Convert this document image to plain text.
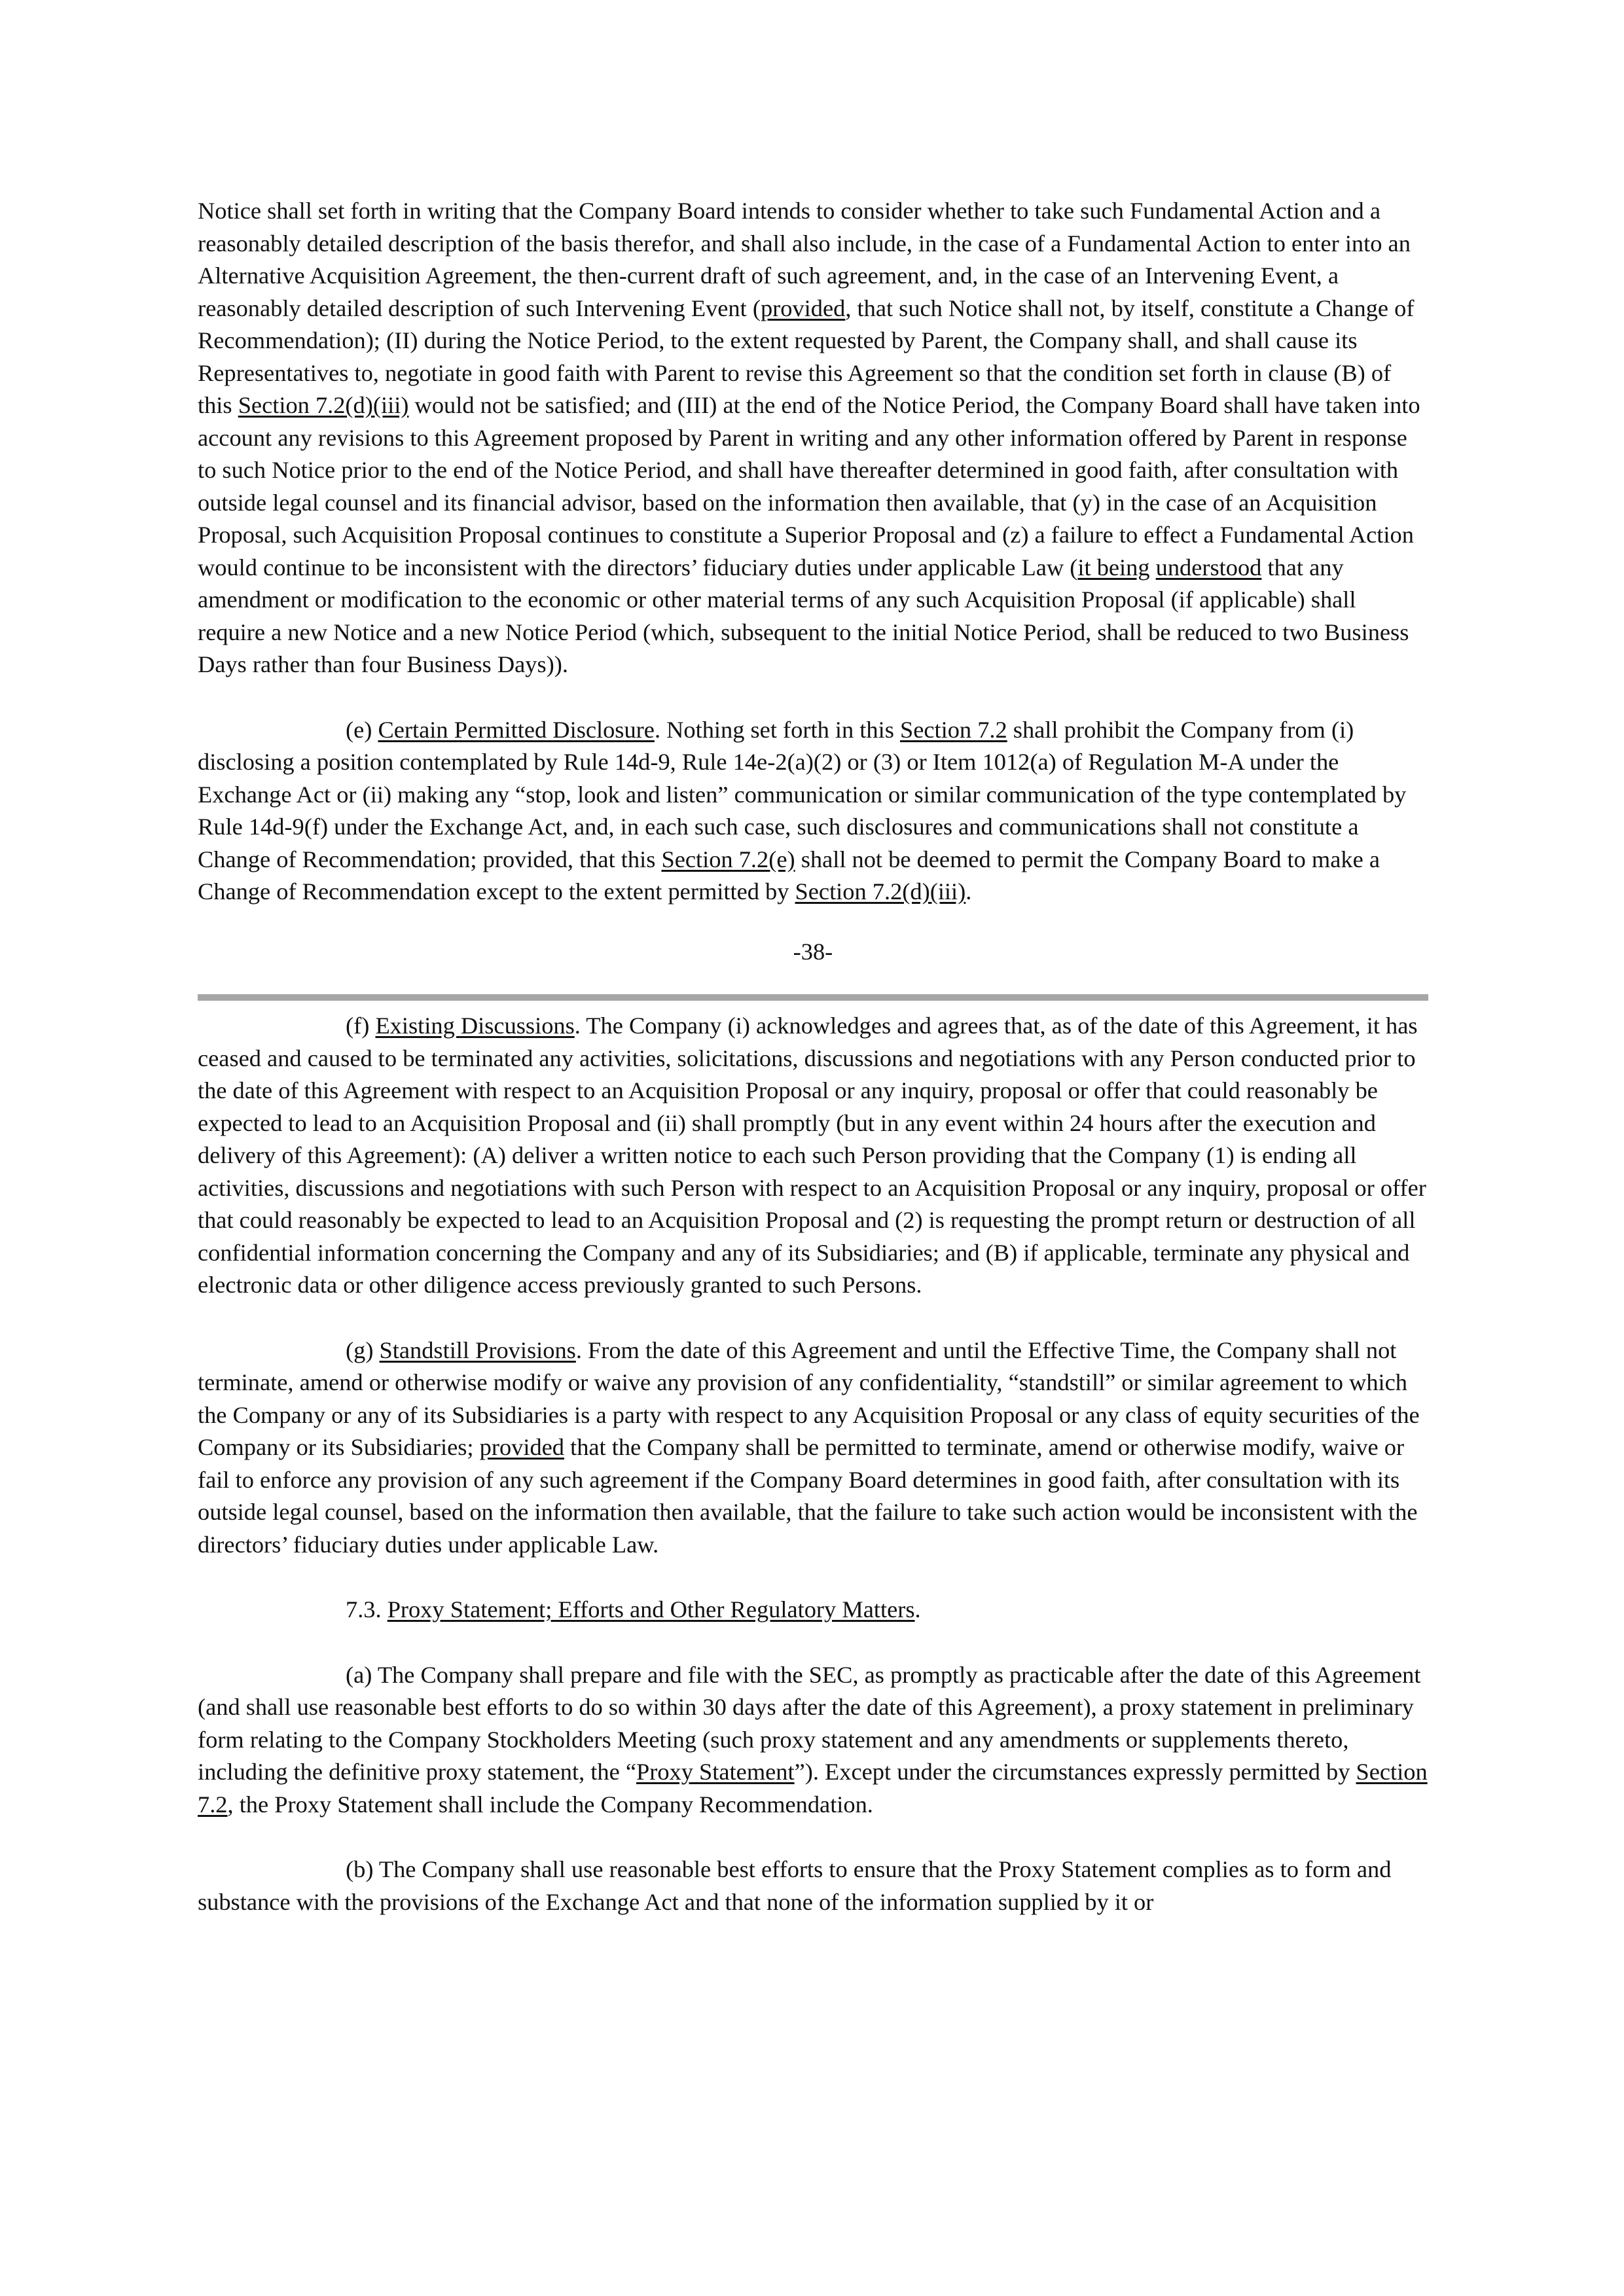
Notice shall set forth in writing that the Company Board intends to consider whether to take such Fundamental Action and a reasonably detailed description of the basis therefor, and shall also include, in the case of a Fundamental Action to enter into an Alternative Acquisition Agreement, the then-current draft of such agreement, and, in the case of an Intervening Event, a reasonably detailed description of such Intervening Event (provided, that such Notice shall not, by itself, constitute a Change of Recommendation); (II) during the Notice Period, to the extent requested by Parent, the Company shall, and shall cause its Representatives to, negotiate in good faith with Parent to revise this Agreement so that the condition set forth in clause (B) of this Section 7.2(d)(iii) would not be satisfied; and (III) at the end of the Notice Period, the Company Board shall have taken into account any revisions to this Agreement proposed by Parent in writing and any other information offered by Parent in response to such Notice prior to the end of the Notice Period, and shall have thereafter determined in good faith, after consultation with outside legal counsel and its financial advisor, based on the information then available, that (y) in the case of an Acquisition Proposal, such Acquisition Proposal continues to constitute a Superior Proposal and (z) a failure to effect a Fundamental Action would continue to be inconsistent with the directors’ fiduciary duties under applicable Law (it being understood that any amendment or modification to the economic or other material terms of any such Acquisition Proposal (if applicable) shall require a new Notice and a new Notice Period (which, subsequent to the initial Notice Period, shall be reduced to two Business Days rather than four Business Days)).

(e) Certain Permitted Disclosure. Nothing set forth in this Section 7.2 shall prohibit the Company from (i) disclosing a position contemplated by Rule 14d-9, Rule 14e-2(a)(2) or (3) or Item 1012(a) of Regulation M-A under the Exchange Act or (ii) making any “stop, look and listen” communication or similar communication of the type contemplated by Rule 14d-9(f) under the Exchange Act, and, in each such case, such disclosures and communications shall not constitute a Change of Recommendation; provided, that this Section 7.2(e) shall not be deemed to permit the Company Board to make a Change of Recommendation except to the extent permitted by Section 7.2(d)(iii).

-38-

(f) Existing Discussions. The Company (i) acknowledges and agrees that, as of the date of this Agreement, it has ceased and caused to be terminated any activities, solicitations, discussions and negotiations with any Person conducted prior to the date of this Agreement with respect to an Acquisition Proposal or any inquiry, proposal or offer that could reasonably be expected to lead to an Acquisition Proposal and (ii) shall promptly (but in any event within 24 hours after the execution and delivery of this Agreement): (A) deliver a written notice to each such Person providing that the Company (1) is ending all activities, discussions and negotiations with such Person with respect to an Acquisition Proposal or any inquiry, proposal or offer that could reasonably be expected to lead to an Acquisition Proposal and (2) is requesting the prompt return or destruction of all confidential information concerning the Company and any of its Subsidiaries; and (B) if applicable, terminate any physical and electronic data or other diligence access previously granted to such Persons.

(g) Standstill Provisions. From the date of this Agreement and until the Effective Time, the Company shall not terminate, amend or otherwise modify or waive any provision of any confidentiality, “standstill” or similar agreement to which the Company or any of its Subsidiaries is a party with respect to any Acquisition Proposal or any class of equity securities of the Company or its Subsidiaries; provided that the Company shall be permitted to terminate, amend or otherwise modify, waive or fail to enforce any provision of any such agreement if the Company Board determines in good faith, after consultation with its outside legal counsel, based on the information then available, that the failure to take such action would be inconsistent with the directors’ fiduciary duties under applicable Law.

7.3. Proxy Statement; Efforts and Other Regulatory Matters.

(a) The Company shall prepare and file with the SEC, as promptly as practicable after the date of this Agreement (and shall use reasonable best efforts to do so within 30 days after the date of this Agreement), a proxy statement in preliminary form relating to the Company Stockholders Meeting (such proxy statement and any amendments or supplements thereto, including the definitive proxy statement, the “Proxy Statement”). Except under the circumstances expressly permitted by Section 7.2, the Proxy Statement shall include the Company Recommendation.

(b) The Company shall use reasonable best efforts to ensure that the Proxy Statement complies as to form and substance with the provisions of the Exchange Act and that none of the information supplied by it or
